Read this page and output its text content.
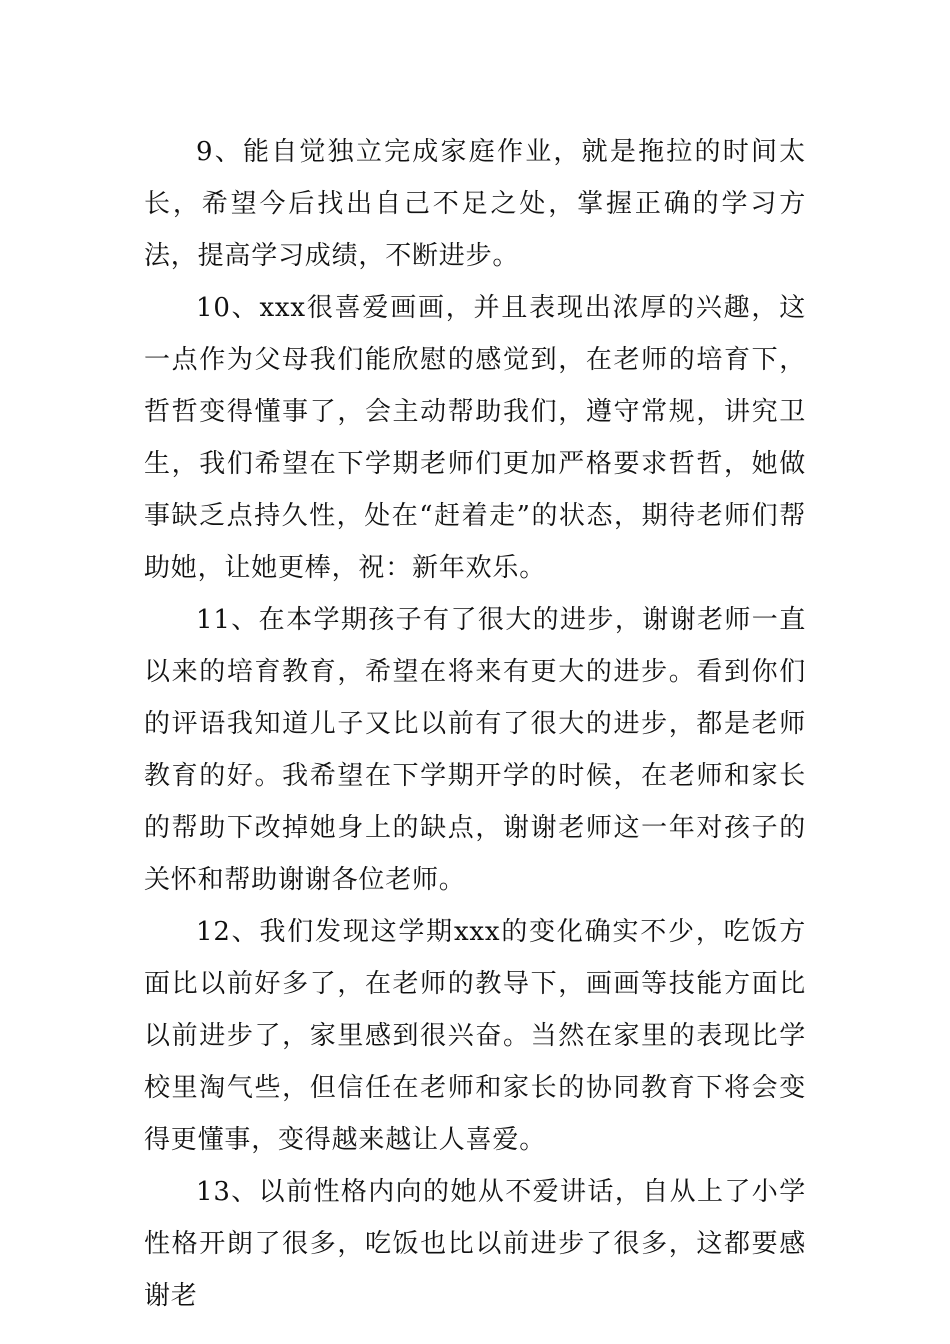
9、能自觉独立完成家庭作业，就是拖拉的时间太长，希望今后找出自己不足之处，掌握正确的学习方法，提高学习成绩，不断进步。

10、xxx很喜爱画画，并且表现出浓厚的兴趣，这一点作为父母我们能欣慰的感觉到，在老师的培育下，哲哲变得懂事了，会主动帮助我们，遵守常规，讲究卫生，我们希望在下学期老师们更加严格要求哲哲，她做事缺乏点持久性，处在“赶着走”的状态，期待老师们帮助她，让她更棒，祝：新年欢乐。

11、在本学期孩子有了很大的进步，谢谢老师一直以来的培育教育，希望在将来有更大的进步。看到你们的评语我知道儿子又比以前有了很大的进步，都是老师教育的好。我希望在下学期开学的时候，在老师和家长的帮助下改掉她身上的缺点，谢谢老师这一年对孩子的关怀和帮助谢谢各位老师。

12、我们发现这学期xxx的变化确实不少，吃饭方面比以前好多了，在老师的教导下，画画等技能方面比以前进步了，家里感到很兴奋。当然在家里的表现比学校里淘气些，但信任在老师和家长的协同教育下将会变得更懂事，变得越来越让人喜爱。

13、以前性格内向的她从不爱讲话，自从上了小学性格开朗了很多，吃饭也比以前进步了很多，这都要感谢老
